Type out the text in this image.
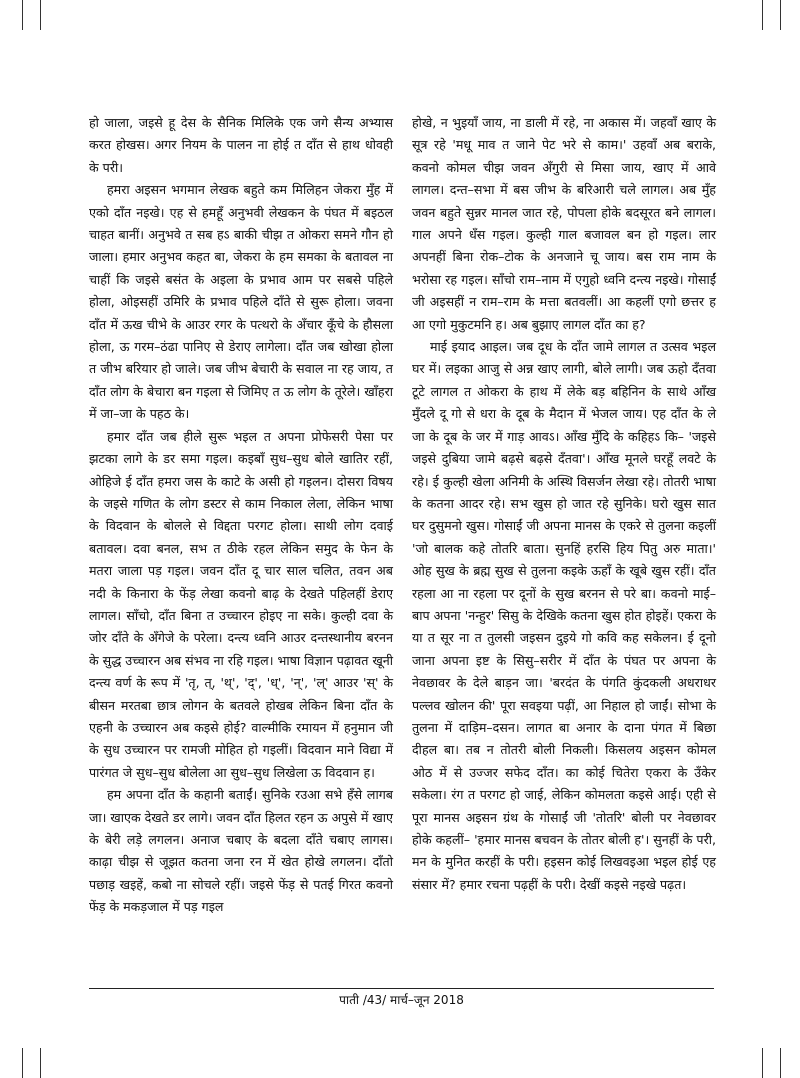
हो जाला, जइसे हू देस के सैनिक मिलिके एक जगे सैन्य अभ्यास करत होखस। अगर नियम के पालन ना होई त दाँत से हाथ धोवही के परी।

हमरा अइसन भगमान लेखक बहुते कम मिलिहन जेकरा मुँह में एको दाँत नइखे। एह से हमहूँ अनुभवी लेखकन के पंघत में बइठल चाहत बानीं। अनुभवे त सब हऽ बाकी चीझ त ओकरा समने गौन हो जाला। हमार अनुभव कहत बा, जेकरा के हम समका के बतावल ना चाहीं कि जइसे बसंत के अइला के प्रभाव आम पर सबसे पहिले होला, ओइसहीं उमिरि के प्रभाव पहिले दाँते से सुरू होला। जवना दाँत में ऊख चीभे के आउर रगर के पत्थरो के अँचार कूँचे के हौसला होला, ऊ गरम–ठंढा पानिए से डेराए लागेला। दाँत जब खोखा होला त जीभ बरियार हो जाले। जब जीभ बेचारी के सवाल ना रह जाय, त दाँत लोग के बेचारा बन गइला से जिमिए त ऊ लोग के तूरेले। खाँहरा में जा–जा के पहठ के।

हमार दाँत जब हीले सुरू भइल त अपना प्रोफेसरी पेसा पर झटका लागे के डर समा गइल। कइबाँ सुध–सुध बोले खातिर रहीं, ओहिजे ई दाँत हमरा जस के काटे के असी हो गइलन। दोसरा विषय के जइसे गणित के लोग डस्टर से काम निकाल लेला, लेकिन भाषा के विदवान के बोलले से विद्दता परगट होला। साथी लोग दवाई बतावल। दवा बनल, सभ त ठीके रहल लेकिन समुद के फेन के मतरा जाला पड़ गइल। जवन दाँत दू चार साल चलित, तवन अब नदी के किनारा के फेंड़ लेखा कवनो बाढ़ के देखते पहिलहीं डेराए लागल। साँचो, दाँत बिना त उच्चारन होइए ना सके। कुल्ही दवा के जोर दाँते के अँगेजे के परेला। दन्त्य ध्वनि आउर दन्तस्थानीय बरनन के सुद्ध उच्चारन अब संभव ना रहि गइल। भाषा विज्ञान पढ़ावत खूनी दन्त्य वर्ण के रूप में 'तृ, त्, 'थ्', 'द्', 'ध्', 'न्', 'ल्' आउर 'स्' के बीसन मरतबा छात्र लोगन के बतवले होखब लेकिन बिना दाँत के एहनी के उच्चारन अब कइसे होई? वाल्मीकि रमायन में हनुमान जी के सुध उच्चारन पर रामजी मोहित हो गइलीं। विदवान माने विद्या में पारंगत जे सुध–सुध बोलेला आ सुध–सुध लिखेला ऊ विदवान ह।

हम अपना दाँत के कहानी बताईं। सुनिके रउआ सभे हँसे लागब जा। खाएक देखते डर लागे। जवन दाँत हिलत रहन ऊ अपुसे में खाए के बेरी लड़े लगलन। अनाज चबाए के बदला दाँते चबाए लागस। काढ़ा चीझ से जूझत कतना जना रन में खेत होखे लगलन। दाँतो पछाड़ खइहें, कबो ना सोचले रहीं। जइसे फेंड़ से पतई गिरत कवनो फेंड़ के मकड़जाल में पड़ गइल

होखे, न भुइयाँ जाय, ना डाली में रहे, ना अकास में। जहवाँ खाए के सूत्र रहे 'मधू माव त जाने पेट भरे से काम।' उहवाँ अब बराके, कवनो कोमल चीझ जवन अँगुरी से मिसा जाय, खाए में आवे लागल। दन्त–सभा में बस जीभ के बरिआरी चले लागल। अब मुँह जवन बहुते सुन्नर मानल जात रहे, पोपला होके बदसूरत बने लागल। गाल अपने धँस गइल। कुल्ही गाल बजावल बन हो गइल। लार अपनहीं बिना रोक–टोक के अनजाने चू जाय। बस राम नाम के भरोसा रह गइल। साँचो राम–नाम में एगुहो ध्वनि दन्त्य नइखे। गोसाईं जी अइसहीं न राम–राम के मत्ता बतवलीं। आ कहलीं एगो छत्तर ह आ एगो मुकुटमनि ह। अब बुझाए लागल दाँत का ह?

माई इयाद आइल। जब दूध के दाँत जामे लागल त उत्सव भइल घर में। लइका आजु से अन्न खाए लागी, बोले लागी। जब ऊहो दँतवा टूटे लागल त ओकरा के हाथ में लेके बड़ बहिनिन के साथे आँख मुँदले दू गो से धरा के दूब के मैदान में भेजल जाय। एह दाँत के ले जा के दूब के जर में गाड़ आवऽ। आँख मुँदि के कहिहऽ कि– 'जइसे जइसे दुबिया जामे बढ़से बढ़से दँतवा'। आँख मूनले घरहूँ लवटे के रहे। ई कुल्ही खेला अनिमी के अस्थि विसर्जन लेखा रहे। तोतरी भाषा के कतना आदर रहे। सभ खुस हो जात रहे सुनिके। घरो खुस सात घर दुसुमनो खुस। गोसाईं जी अपना मानस के एकरे से तुलना कइलीं 'जो बालक कहे तोतरि बाता। सुनहिं हरसि हिय पितु अरु माता।' ओह सुख के ब्रह्म सुख से तुलना कइके ऊहाँ के खूबे खुस रहीं। दाँत रहला आ ना रहला पर दूनों के सुख बरनन से परे बा। कवनो माई–बाप अपना 'नन्हुर' सिसु के देखिके कतना खुस होत होइहें। एकरा के या त सूर ना त तुलसी जइसन दुइये गो कवि कह सकेलन। ई दूनो जाना अपना इष्ट के सिसु–सरीर में दाँत के पंघत पर अपना के नेवछावर के देले बाड़न जा। 'बरदंत के पंगति कुंदकली अधराधर पल्लव खोलन की' पूरा सवइया पढ़ीं, आ निहाल हो जाईं। सोभा के तुलना में दाड़िम–दसन। लागत बा अनार के दाना पंगत में बिछा दीहल बा। तब न तोतरी बोली निकली। किसलय अइसन कोमल ओठ में से उज्जर सफेद दाँत। का कोई चितेरा एकरा के उँकेर सकेला। रंग त परगट हो जाई, लेकिन कोमलता कइसे आई। एही से पूरा मानस अइसन ग्रंथ के गोसाईं जी 'तोतरि' बोली पर नेवछावर होके कहलीं– 'हमार मानस बचवन के तोतर बोली ह'। सुनहीं के परी, मन के मुनित करहीं के परी। हइसन कोई लिखवइआ भइल होई एह संसार में? हमार रचना पढ़हीं के परी। देखीं कइसे नइखे पढ़त।

पाती /43/ मार्च–जून 2018
